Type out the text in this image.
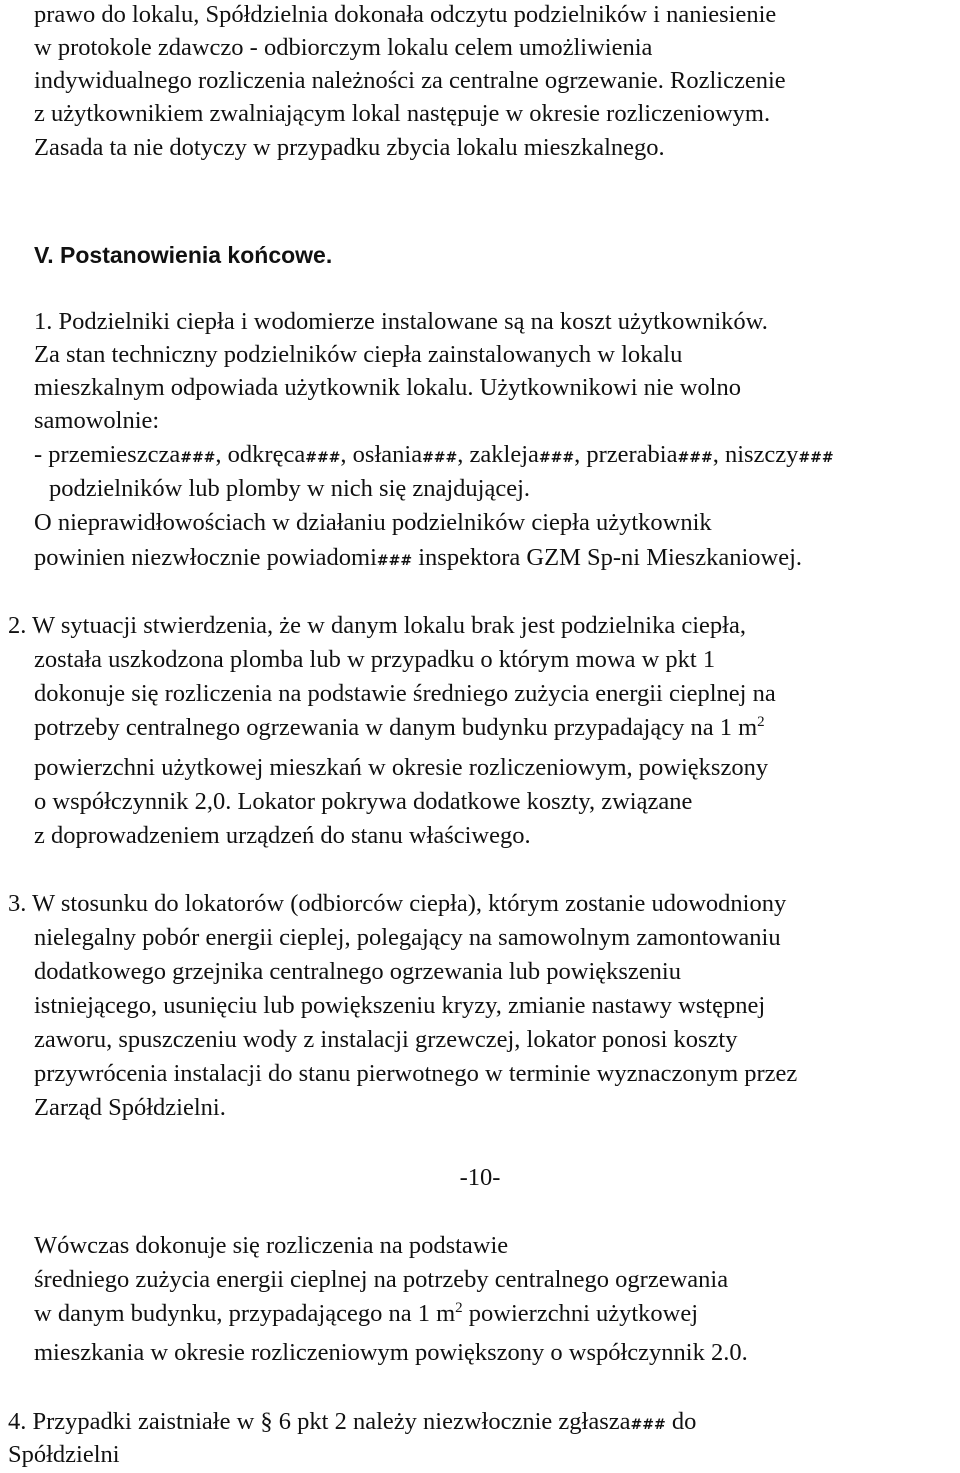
prawo do lokalu, Spółdzielnia dokonała odczytu podzielników i naniesienie
w protokole zdawczo - odbiorczym lokalu celem umożliwienia
indywidualnego rozliczenia należności za centralne ogrzewanie. Rozliczenie
z użytkownikiem zwalniającym lokal następuje w okresie rozliczeniowym.
Zasada ta nie dotyczy w przypadku zbycia lokalu mieszkalnego.
V. Postanowienia końcowe.
1. Podzielniki ciepła i wodomierze instalowane są na koszt użytkowników.
Za stan techniczny podzielników ciepła zainstalowanych w lokalu
mieszkalnym odpowiada użytkownik lokalu. Użytkownikowi nie wolno
samowolnie:
- przemieszcza###, odkręca###, osłania###, zakleja###, przerabia###, niszczy###
podzielników lub plomby w nich się znajdującej.
O nieprawidłowościach w działaniu podzielników ciepła użytkownik
powinien niezwłocznie powiadomi### inspektora GZM Sp-ni Mieszkaniowej.
2. W sytuacji stwierdzenia, że w danym lokalu brak jest podzielnika ciepła,
została uszkodzona plomba lub w przypadku o którym mowa w pkt 1
dokonuje się rozliczenia na podstawie średniego zużycia energii cieplnej na
potrzeby centralnego ogrzewania w danym budynku przypadający na 1 $m^2$
powierzchni użytkowej mieszkań w okresie rozliczeniowym, powiększony
o współczynnik 2,0. Lokator pokrywa dodatkowe koszty, związane
z doprowadzeniem urządzeń do stanu właściwego.
3. W stosunku do lokatorów (odbiorców ciepła), którym zostanie udowodniony
nielegalny pobór energii cieplej, polegający na samowolnym zamontowaniu
dodatkowego grzejnika centralnego ogrzewania lub powiększeniu
istniejącego, usunięciu lub powiększeniu kryzy, zmianie nastawy wstępnej
zaworu, spuszczeniu wody z instalacji grzewczej, lokator ponosi koszty
przywrócenia instalacji do stanu pierwotnego w terminie wyznaczonym przez
Zarząd Spółdzielni.
-10-
Wówczas dokonuje się rozliczenia na podstawie
średniego zużycia energii cieplnej na potrzeby centralnego ogrzewania
w danym budynku, przypadającego na 1 $m^2$ powierzchni użytkowej
mieszkania w okresie rozliczeniowym powiększony o współczynnik 2.0.
4. Przypadki zaistniałe w § 6 pkt 2 należy niezwłocznie zgłasza### do
Spółdzielni
